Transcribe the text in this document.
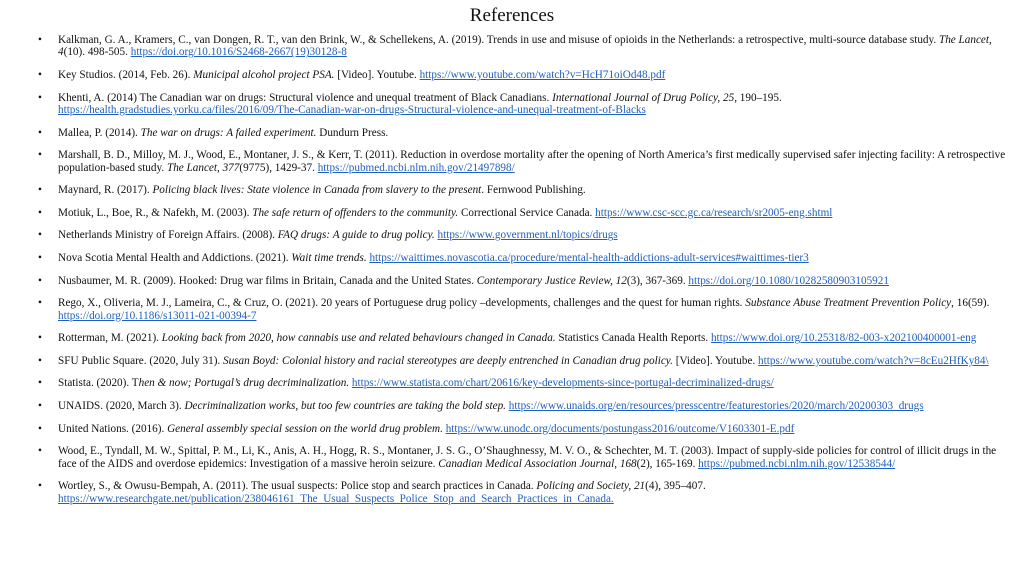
References
• Kalkman, G. A., Kramers, C., van Dongen, R. T., van den Brink, W., & Schellekens, A. (2019). Trends in use and misuse of opioids in the Netherlands: a retrospective, multi-source database study. The Lancet, 4(10). 498-505. https://doi.org/10.1016/S2468-2667(19)30128-8
• Key Studios. (2014, Feb. 26). Municipal alcohol project PSA. [Video]. Youtube. https://www.youtube.com/watch?v=HcH71oiOd48.pdf
• Khenti, A. (2014) The Canadian war on drugs: Structural violence and unequal treatment of Black Canadians. International Journal of Drug Policy, 25, 190–195. https://health.gradstudies.yorku.ca/files/2016/09/The-Canadian-war-on-drugs-Structural-violence-and-unequal-treatment-of-Blacks
• Mallea, P. (2014). The war on drugs: A failed experiment. Dundurn Press.
• Marshall, B. D., Milloy, M. J., Wood, E., Montaner, J. S., & Kerr, T. (2011). Reduction in overdose mortality after the opening of North America’s first medically supervised safer injecting facility: A retrospective population-based study. The Lancet, 377(9775), 1429-37. https://pubmed.ncbi.nlm.nih.gov/21497898/
• Maynard, R. (2017). Policing black lives: State violence in Canada from slavery to the present. Fernwood Publishing.
• Motiuk, L., Boe, R., & Nafekh, M. (2003). The safe return of offenders to the community. Correctional Service Canada. https://www.csc-scc.gc.ca/research/sr2005-eng.shtml
• Netherlands Ministry of Foreign Affairs. (2008). FAQ drugs: A guide to drug policy. https://www.government.nl/topics/drugs
• Nova Scotia Mental Health and Addictions. (2021). Wait time trends. https://waittimes.novascotia.ca/procedure/mental-health-addictions-adult-services#waittimes-tier3
• Nusbaumer, M. R. (2009). Hooked: Drug war films in Britain, Canada and the United States. Contemporary Justice Review, 12(3), 367-369. https://doi.org/10.1080/10282580903105921
• Rego, X., Oliveria, M. J., Lameira, C., & Cruz, O. (2021). 20 years of Portuguese drug policy –developments, challenges and the quest for human rights. Substance Abuse Treatment Prevention Policy, 16(59). https://doi.org/10.1186/s13011-021-00394-7
• Rotterman, M. (2021). Looking back from 2020, how cannabis use and related behaviours changed in Canada. Statistics Canada Health Reports. https://www.doi.org/10.25318/82-003-x202100400001-eng
• SFU Public Square. (2020, July 31). Susan Boyd: Colonial history and racial stereotypes are deeply entrenched in Canadian drug policy. [Video]. Youtube. https://www.youtube.com/watch?v=8cEu2HfKy84\
• Statista. (2020). Then & now; Portugal’s drug decriminalization. https://www.statista.com/chart/20616/key-developments-since-portugal-decriminalized-drugs/
• UNAIDS. (2020, March 3). Decriminalization works, but too few countries are taking the bold step. https://www.unaids.org/en/resources/presscentre/featurestories/2020/march/20200303_drugs
• United Nations. (2016). General assembly special session on the world drug problem. https://www.unodc.org/documents/postungass2016/outcome/V1603301-E.pdf
• Wood, E., Tyndall, M. W., Spittal, P. M., Li, K., Anis, A. H., Hogg, R. S., Montaner, J. S. G., O’Shaughnessy, M. V. O., & Schechter, M. T. (2003). Impact of supply-side policies for control of illicit drugs in the face of the AIDS and overdose epidemics: Investigation of a massive heroin seizure. Canadian Medical Association Journal, 168(2), 165-169. https://pubmed.ncbi.nlm.nih.gov/12538544/
• Wortley, S., & Owusu-Bempah, A. (2011). The usual suspects: Police stop and search practices in Canada. Policing and Society, 21(4), 395–407. https://www.researchgate.net/publication/238046161_The_Usual_Suspects_Police_Stop_and_Search_Practices_in_Canada.
